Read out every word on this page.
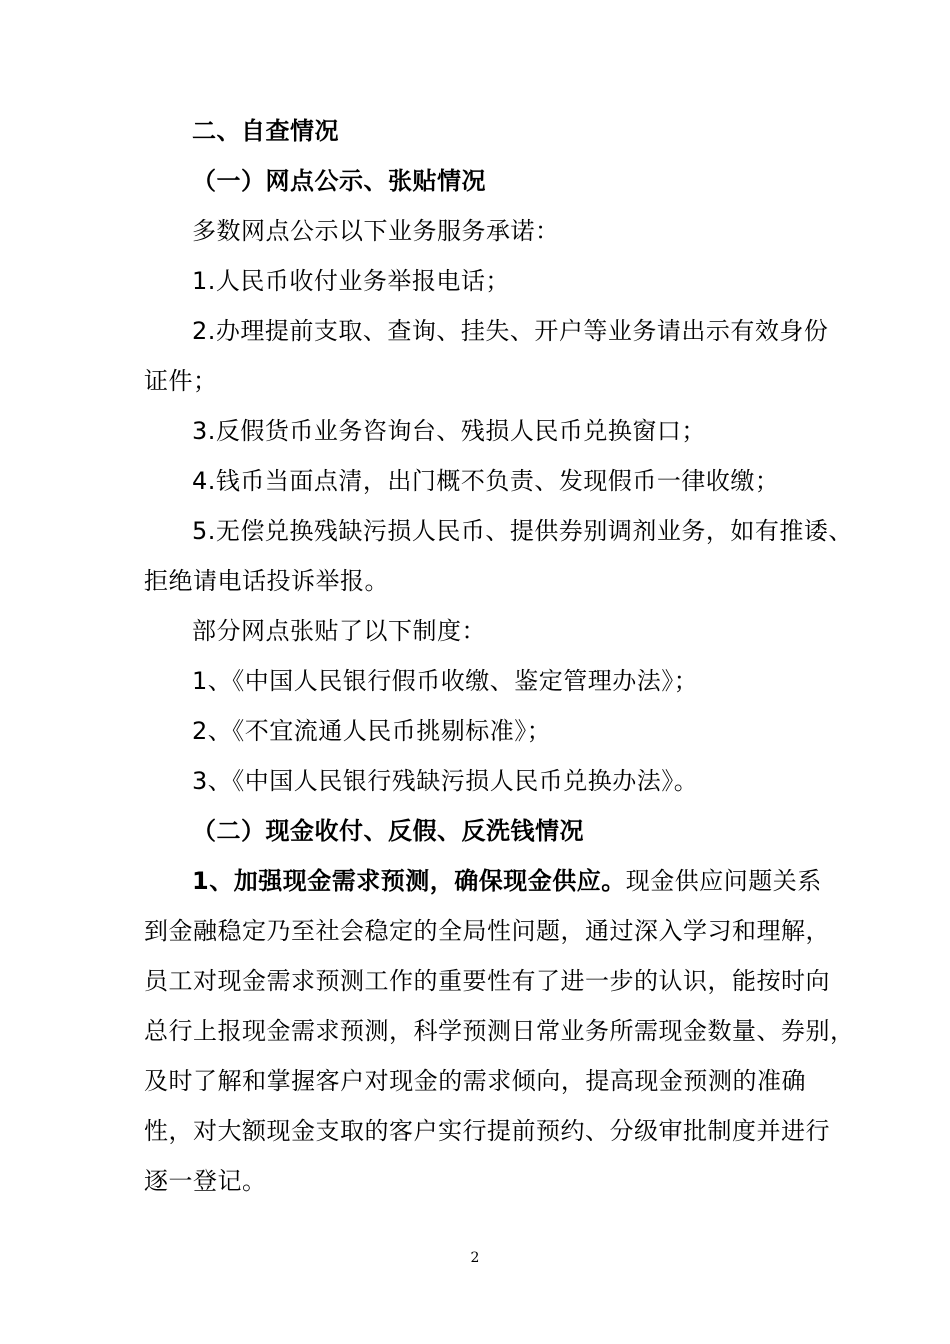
二、自查情况
（一）网点公示、张贴情况
多数网点公示以下业务服务承诺：
1.人民币收付业务举报电话；
2.办理提前支取、查询、挂失、开户等业务请出示有效身份
证件；
3.反假货币业务咨询台、残损人民币兑换窗口；
4.钱币当面点清，出门概不负责、发现假币一律收缴；
5.无偿兑换残缺污损人民币、提供券别调剂业务，如有推诿、
拒绝请电话投诉举报。
部分网点张贴了以下制度：
1、《中国人民银行假币收缴、鉴定管理办法》；
2、《不宜流通人民币挑剔标准》；
3、《中国人民银行残缺污损人民币兑换办法》。
（二）现金收付、反假、反洗钱情况
1、加强现金需求预测，确保现金供应。现金供应问题关系
到金融稳定乃至社会稳定的全局性问题，通过深入学习和理解，
员工对现金需求预测工作的重要性有了进一步的认识，能按时向
总行上报现金需求预测，科学预测日常业务所需现金数量、券别，
及时了解和掌握客户对现金的需求倾向，提高现金预测的准确
性，对大额现金支取的客户实行提前预约、分级审批制度并进行
逐一登记。
2
